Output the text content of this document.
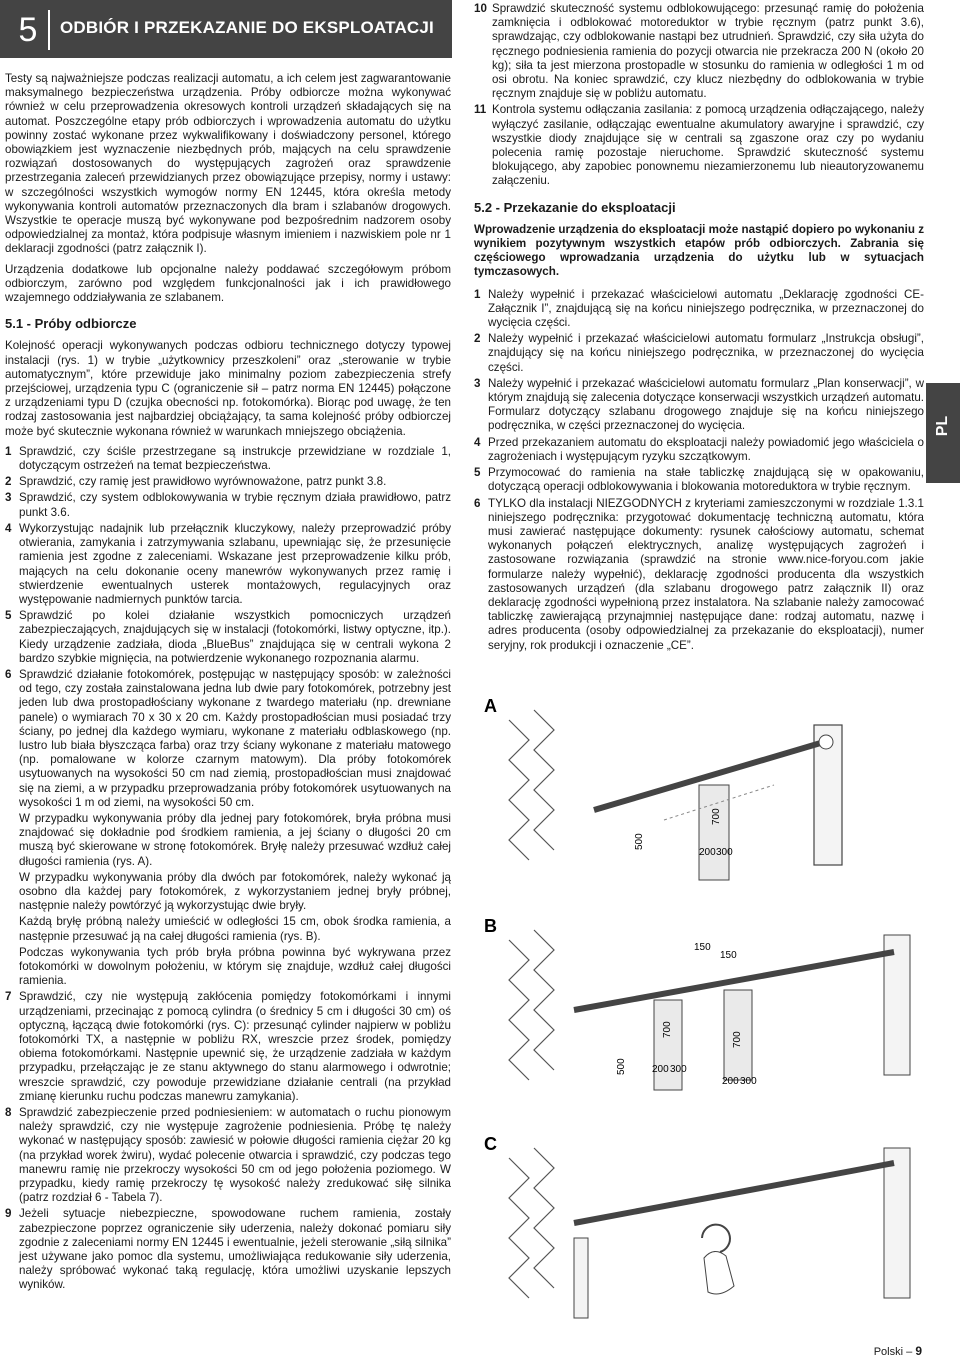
5	ODBIÓR I PRZEKAZANIE DO EKSPLOATACJI

Testy są najważniejsze podczas realizacji automatu, a ich celem jest zagwarantowanie maksymalnego bezpieczeństwa urządzenia. Próby odbiorcze można wykonywać również w celu przeprowadzenia okresowych kontroli urządzeń składających się na automat. Poszczególne etapy prób odbiorczych i wprowadzenia automatu do użytku powinny zostać wykonane przez wykwalifikowany i doświadczony personel, którego obowiązkiem jest wyznaczenie niezbędnych prób, mających na celu sprawdzenie rozwiązań dostosowanych do występujących zagrożeń oraz sprawdzenie przestrzegania zaleceń przewidzianych przez obowiązujące przepisy, normy i ustawy: w szczególności wszystkich wymogów normy EN 12445, która określa metody wykonywania kontroli automatów przeznaczonych dla bram i szlabanów drogowych. Wszystkie te operacje muszą być wykonywane pod bezpośrednim nadzorem osoby odpowiedzialnej za montaż, która podpisuje własnym imieniem i nazwiskiem pole nr 1 deklaracji zgodności (patrz załącznik I).

Urządzenia dodatkowe lub opcjonalne należy poddawać szczegółowym próbom odbiorczym, zarówno pod względem funkcjonalności jak i ich prawidłowego wzajemnego oddziaływania ze szlabanem.

5.1 - Próby odbiorcze

Kolejność operacji wykonywanych podczas odbioru technicznego dotyczy typowej instalacji (rys. 1) w trybie „użytkownicy przeszkoleni” oraz „sterowanie w trybie automatycznym”, które przewiduje jako minimalny poziom zabezpieczenia strefy przejściowej, urządzenia typu C (ograniczenie sił – patrz norma EN 12445) połączone z urządzeniami typu D (czujka obecności np. fotokomórka). Biorąc pod uwagę, że ten rodzaj zastosowania jest najbardziej obciążający, ta sama kolejność próby odbiorczej może być skutecznie wykonana również w warunkach mniejszego obciążenia.

1 Sprawdzić, czy ściśle przestrzegane są instrukcje przewidziane w rozdziale 1, dotyczącym ostrzeżeń na temat bezpieczeństwa.

2 Sprawdzić, czy ramię jest prawidłowo wyrównoważone, patrz punkt 3.8.

3 Sprawdzić, czy system odblokowywania w trybie ręcznym działa prawidłowo, patrz punkt 3.6.

4 Wykorzystując nadajnik lub przełącznik kluczykowy, należy przeprowadzić próby otwierania, zamykania i zatrzymywania szlabanu, upewniając się, że przesunięcie ramienia jest zgodne z zaleceniami. Wskazane jest przeprowadzenie kilku prób, mających na celu dokonanie oceny manewrów wykonywanych przez ramię i stwierdzenie ewentualnych usterek montażowych, regulacyjnych oraz występowanie nadmiernych punktów tarcia.

5 Sprawdzić po kolei działanie wszystkich pomocniczych urządzeń zabezpieczających, znajdujących się w instalacji (fotokomórki, listwy optyczne, itp.). Kiedy urządzenie zadziała, dioda „BlueBus” znajdująca się w centrali wykona 2 bardzo szybkie mignięcia, na potwierdzenie wykonanego rozpoznania alarmu.

6 Sprawdzić działanie fotokomórek, postępując w następujący sposób: w zależności od tego, czy została zainstalowana jedna lub dwie pary fotokomórek, potrzebny jest jeden lub dwa prostopadłościany wykonane z twardego materiału (np. drewniane panele) o wymiarach 70 x 30 x 20 cm. Każdy prostopadłościan musi posiadać trzy ściany, po jednej dla każdego wymiaru, wykonane z materiału odblaskowego (np. lustro lub biała błyszcząca farba) oraz trzy ściany wykonane z materiału matowego (np. pomalowane w kolorze czarnym matowym). Dla próby fotokomórek usytuowanych na wysokości 50 cm nad ziemią, prostopadłościan musi znajdować się na ziemi, a w przypadku przeprowadzania próby fotokomórek usytuowanych na wysokości 1 m od ziemi, na wysokości 50 cm.

W przypadku wykonywania próby dla jednej pary fotokomórek, bryła próbna musi znajdować się dokładnie pod środkiem ramienia, a jej ściany o długości 20 cm muszą być skierowane w stronę fotokomórek. Bryłę należy przesuwać wzdłuż całej długości ramienia (rys. A).

W przypadku wykonywania próby dla dwóch par fotokomórek, należy wykonać ją osobno dla każdej pary fotokomórek, z wykorzystaniem jednej bryły próbnej, następnie należy powtórzyć ją wykorzystując dwie bryły.

Każdą bryłę próbną należy umieścić w odległości 15 cm, obok środka ramienia, a następnie przesuwać ją na całej długości ramienia (rys. B).

Podczas wykonywania tych prób bryła próbna powinna być wykrywana przez fotokomórki w dowolnym położeniu, w którym się znajduje, wzdłuż całej długości ramienia.

7 Sprawdzić, czy nie występują zakłócenia pomiędzy fotokomórkami i innymi urządzeniami, przecinając z pomocą cylindra (o średnicy 5 cm i długości 30 cm) oś optyczną, łączącą dwie fotokomórki (rys. C): przesunąć cylinder najpierw w pobliżu fotokomórki TX, a następnie w pobliżu RX, wreszcie przez środek, pomiędzy obiema fotokomórkami. Następnie upewnić się, że urządzenie zadziała w każdym przypadku, przełączając je ze stanu aktywnego do stanu alarmowego i odwrotnie; wreszcie sprawdzić, czy powoduje przewidziane działanie centrali (na przykład zmianę kierunku ruchu podczas manewru zamykania).

8 Sprawdzić zabezpieczenie przed podniesieniem: w automatach o ruchu pionowym należy sprawdzić, czy nie występuje zagrożenie podniesienia. Próbę tę należy wykonać w następujący sposób: zawiesić w połowie długości ramienia ciężar 20 kg (na przykład worek żwiru), wydać polecenie otwarcia i sprawdzić, czy podczas tego manewru ramię nie przekroczy wysokości 50 cm od jego położenia poziomego. W przypadku, kiedy ramię przekroczy tę wysokość należy zredukować siłę silnika (patrz rozdział 6 - Tabela 7).

9 Jeżeli sytuacje niebezpieczne, spowodowane ruchem ramienia, zostały zabezpieczone poprzez ograniczenie siły uderzenia, należy dokonać pomiaru siły zgodnie z zaleceniami normy EN 12445 i ewentualnie, jeżeli sterowanie „siłą silnika” jest używane jako pomoc dla systemu, umożliwiająca redukowanie siły uderzenia, należy spróbować wykonać taką regulację, która umożliwi uzyskanie lepszych wyników.

10 Sprawdzić skuteczność systemu odblokowującego: przesunąć ramię do położenia zamknięcia i odblokować motoreduktor w trybie ręcznym (patrz punkt 3.6), sprawdzając, czy odblokowanie nastąpi bez utrudnień. Sprawdzić, czy siła użyta do ręcznego podniesienia ramienia do pozycji otwarcia nie przekracza 200 N (około 20 kg); siła ta jest mierzona prostopadle w stosunku do ramienia w odległości 1 m od osi obrotu. Na koniec sprawdzić, czy klucz niezbędny do odblokowania w trybie ręcznym znajduje się w pobliżu automatu.

11 Kontrola systemu odłączania zasilania: z pomocą urządzenia odłączającego, należy wyłączyć zasilanie, odłączając ewentualne akumulatory awaryjne i sprawdzić, czy wszystkie diody znajdujące się w centrali są zgaszone oraz czy po wydaniu polecenia ramię pozostaje nieruchome. Sprawdzić skuteczność systemu blokującego, aby zapobiec ponownemu niezamierzonemu lub nieautoryzowanemu załączeniu.

5.2 - Przekazanie do eksploatacji

Wprowadzenie urządzenia do eksploatacji może nastąpić dopiero po wykonaniu z wynikiem pozytywnym wszystkich etapów prób odbiorczych. Zabrania się częściowego wprowadzania urządzenia do użytku lub w sytuacjach tymczasowych.

1 Należy wypełnić i przekazać właścicielowi automatu „Deklarację zgodności CE- Załącznik I”, znajdującą się na końcu niniejszego podręcznika, w przeznaczonej do wycięcia części.

2 Należy wypełnić i przekazać właścicielowi automatu formularz „Instrukcja obsługi”, znajdujący się na końcu niniejszego podręcznika, w przeznaczonej do wycięcia części.

3 Należy wypełnić i przekazać właścicielowi automatu formularz „Plan konserwacji”, w którym znajdują się zalecenia dotyczące konserwacji wszystkich urządzeń automatu. Formularz dotyczący szlabanu drogowego znajduje się na końcu niniejszego podręcznika, w części przeznaczonej do wycięcia.

4 Przed przekazaniem automatu do eksploatacji należy powiadomić jego właściciela o zagrożeniach i występującym ryzyku szczątkowym.

5 Przymocować do ramienia na stałe tabliczkę znajdującą się w opakowaniu, dotyczącą operacji odblokowywania i blokowania motoreduktora w trybie ręcznym.

6 TYLKO dla instalacji NIEZGODNYCH z kryteriami zamieszczonymi w rozdziale 1.3.1 niniejszego podręcznika: przygotować dokumentację techniczną automatu, która musi zawierać następujące dokumenty: rysunek całościowy automatu, schemat wykonanych połączeń elektrycznych, analizę występujących zagrożeń i zastosowane rozwiązania (sprawdzić na stronie www.nice-foryou.com jakie formularze należy wypełnić), deklarację zgodności producenta dla wszystkich zastosowanych urządzeń (dla szlabanu drogowego patrz załącznik II) oraz deklarację zgodności wypełnioną przez instalatora. Na szlabanie należy zamocować tabliczkę zawierającą przynajmniej następujące dane: rodzaj automatu, nazwę i adres producenta (osoby odpowiedzialnej za przekazanie do eksploatacji), numer seryjny, rok produkcji i oznaczenie „CE”.

A
500
700
200 300
B
150
150
700
700
500	200 300
200 300
C
PL
Polski – 9
